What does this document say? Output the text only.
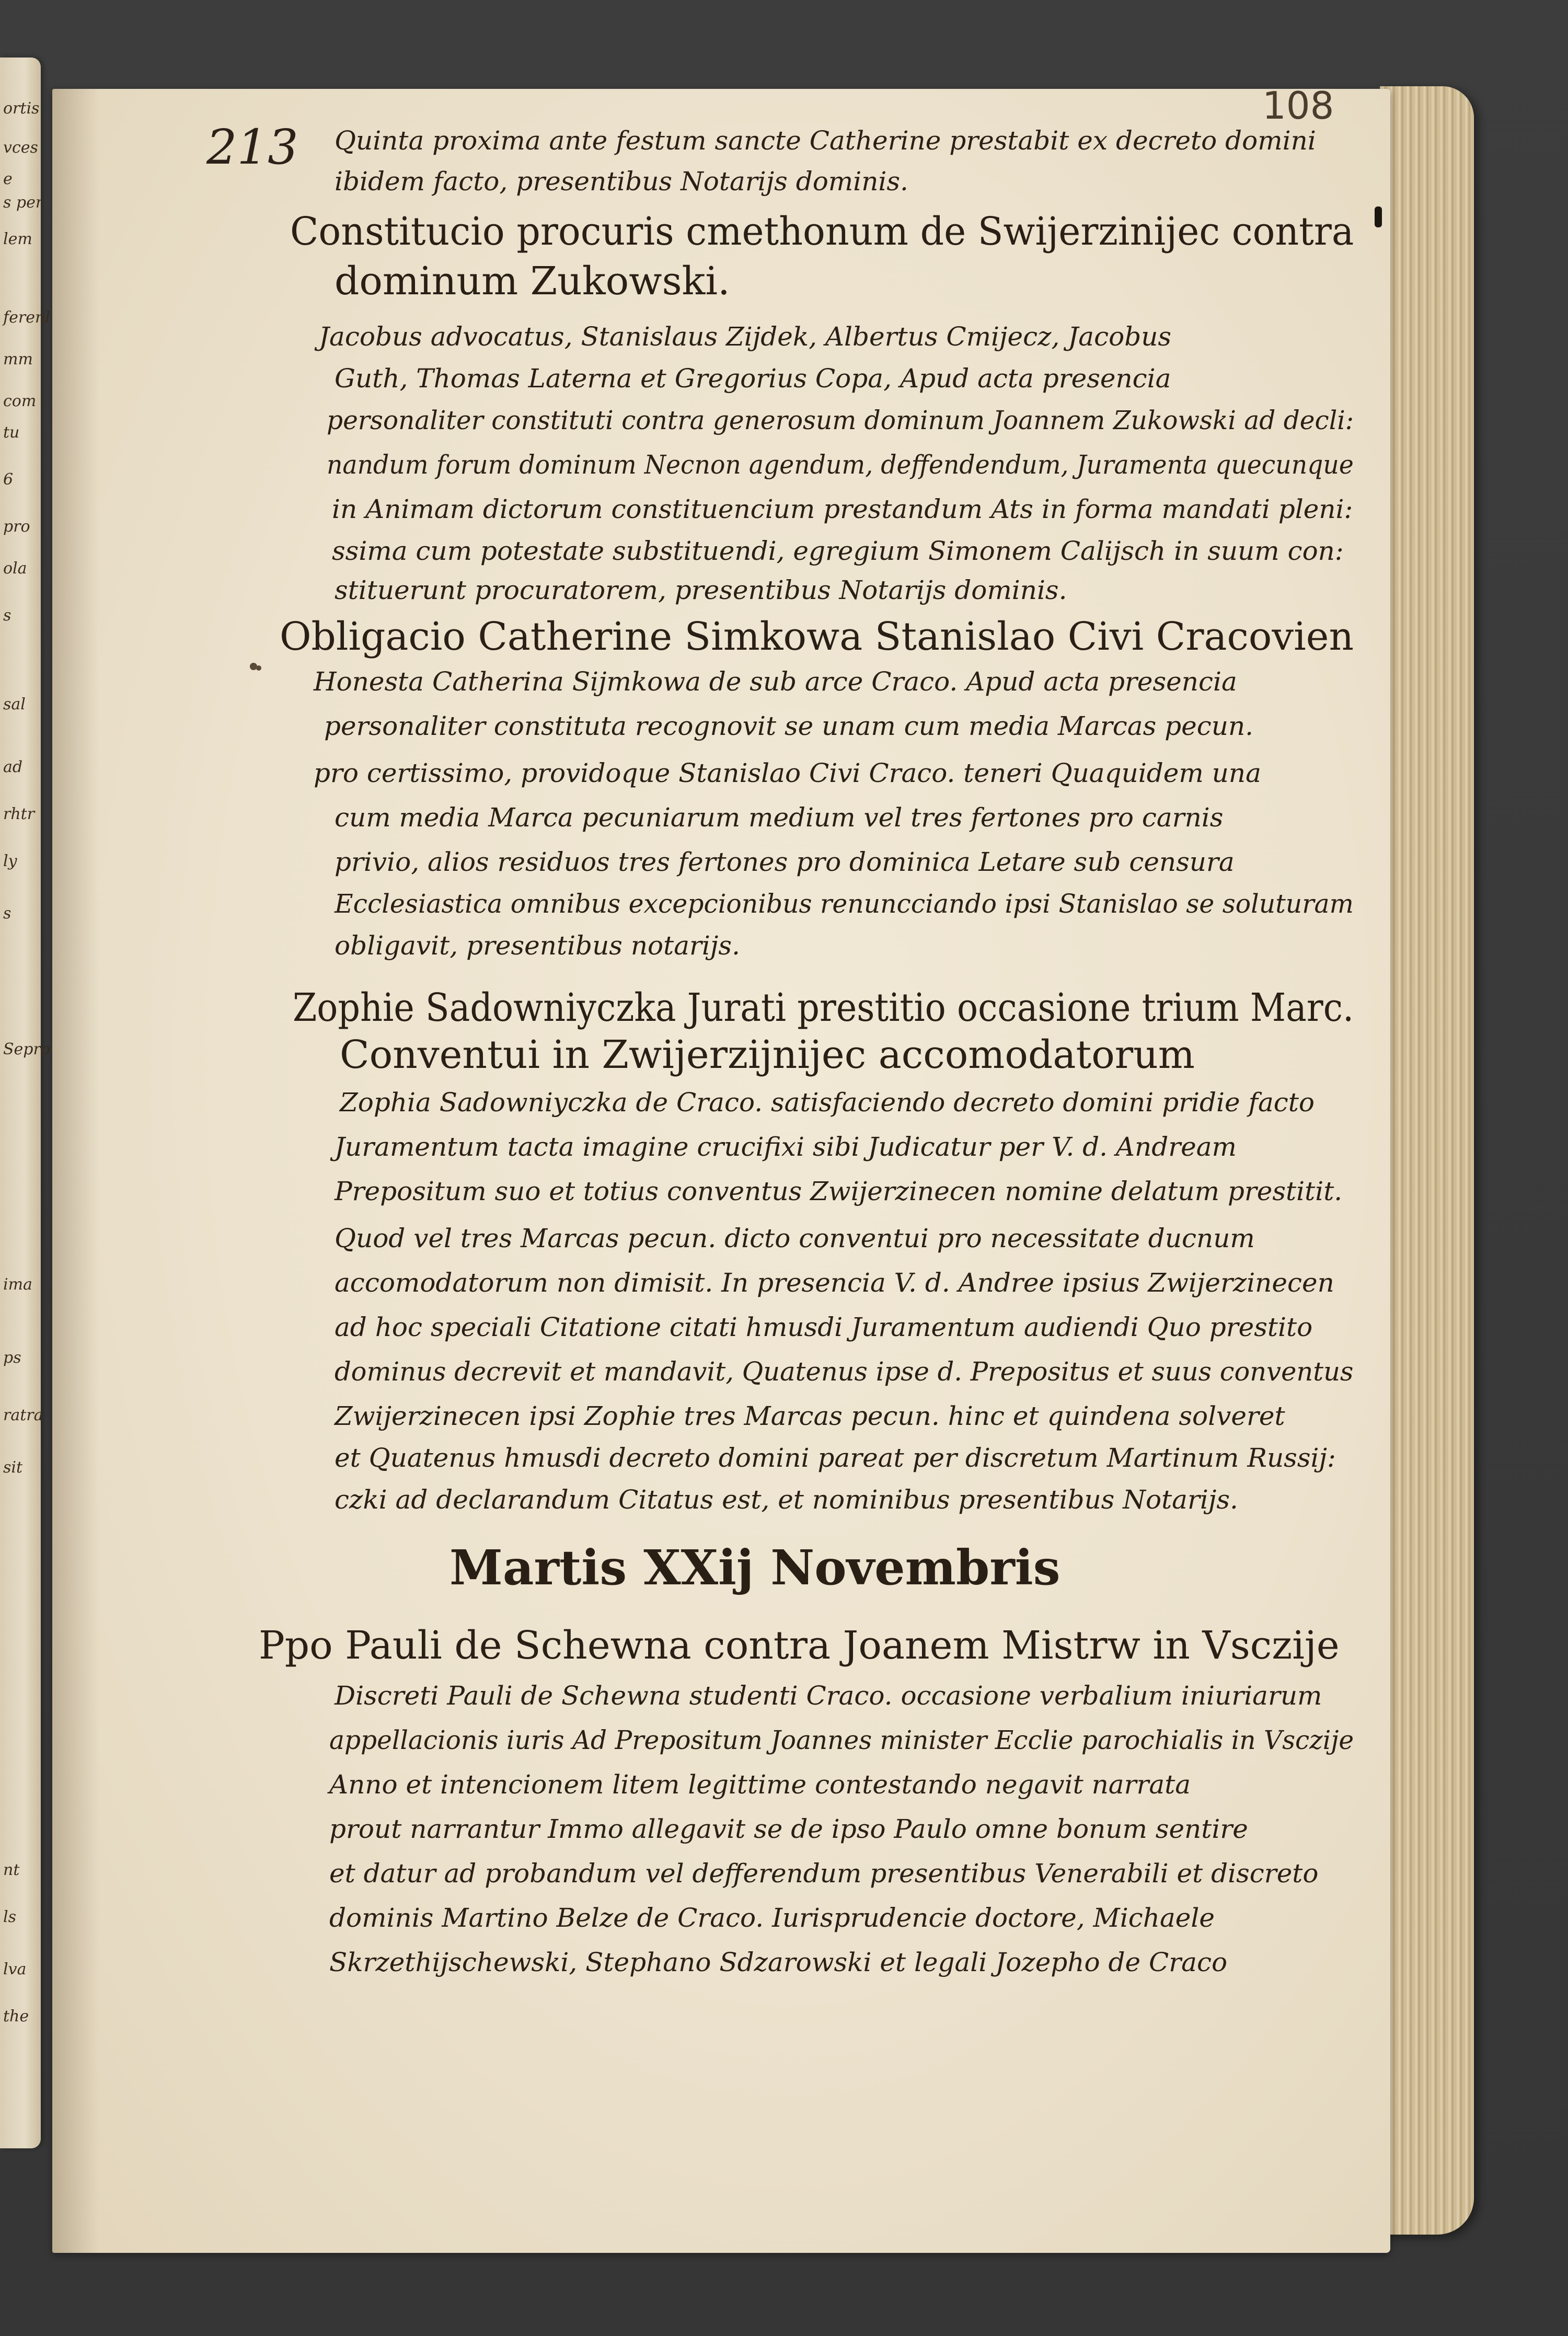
ortis
vces
e
s per
lem
ferenl
mm
com
tu
6
pro
ola
s
sal
ad
rhtr
ly
s
Sepro
ima
ps
ratra
sit
nt
ls
lva
the
213
108
Quinta proxima ante festum sancte Catherine prestabit ex decreto domini
ibidem facto, presentibus Notarijs dominis.
Constitucio procuris cmethonum de Swijerzinijec contra
dominum Zukowski.
Jacobus advocatus, Stanislaus Zijdek, Albertus Cmijecz, Jacobus
Guth, Thomas Laterna et Gregorius Copa, Apud acta presencia
personaliter constituti contra generosum dominum Joannem Zukowski ad decli:
nandum forum dominum Necnon agendum, deffendendum, Juramenta quecunque
in Animam dictorum constituencium prestandum Ats in forma mandati pleni:
ssima cum potestate substituendi, egregium Simonem Calijsch in suum con:
stituerunt procuratorem, presentibus Notarijs dominis.
Obligacio Catherine Simkowa Stanislao Civi Cracovien
Honesta Catherina Sijmkowa de sub arce Craco. Apud acta presencia
personaliter constituta recognovit se unam cum media Marcas pecun.
pro certissimo, providoque Stanislao Civi Craco. teneri Quaquidem una
cum media Marca pecuniarum medium vel tres fertones pro carnis
privio, alios residuos tres fertones pro dominica Letare sub censura
Ecclesiastica omnibus excepcionibus renuncciando ipsi Stanislao se soluturam
obligavit, presentibus notarijs.
Zophie Sadowniyczka Jurati prestitio occasione trium Marc.
Conventui in Zwijerzijnijec accomodatorum
Zophia Sadowniyczka de Craco. satisfaciendo decreto domini pridie facto
Juramentum tacta imagine crucifixi sibi Judicatur per V. d. Andream
Prepositum suo et totius conventus Zwijerzinecen nomine delatum prestitit.
Quod vel tres Marcas pecun. dicto conventui pro necessitate ducnum
accomodatorum non dimisit. In presencia V. d. Andree ipsius Zwijerzinecen
ad hoc speciali Citatione citati hmusdi Juramentum audiendi Quo prestito
dominus decrevit et mandavit, Quatenus ipse d. Prepositus et suus conventus
Zwijerzinecen ipsi Zophie tres Marcas pecun. hinc et quindena solveret
et Quatenus hmusdi decreto domini pareat per discretum Martinum Russij:
czki ad declarandum Citatus est, et nominibus presentibus Notarijs.
Martis XXij Novembris
Ppo Pauli de Schewna contra Joanem Mistrw in Vsczije
Discreti Pauli de Schewna studenti Craco. occasione verbalium iniuriarum
appellacionis iuris Ad Prepositum Joannes minister Ecclie parochialis in Vsczije
Anno et intencionem litem legittime contestando negavit narrata
prout narrantur Immo allegavit se de ipso Paulo omne bonum sentire
et datur ad probandum vel defferendum presentibus Venerabili et discreto
dominis Martino Belze de Craco. Iurisprudencie doctore, Michaele
Skrzethijschewski, Stephano Sdzarowski et legali Jozepho de Craco
